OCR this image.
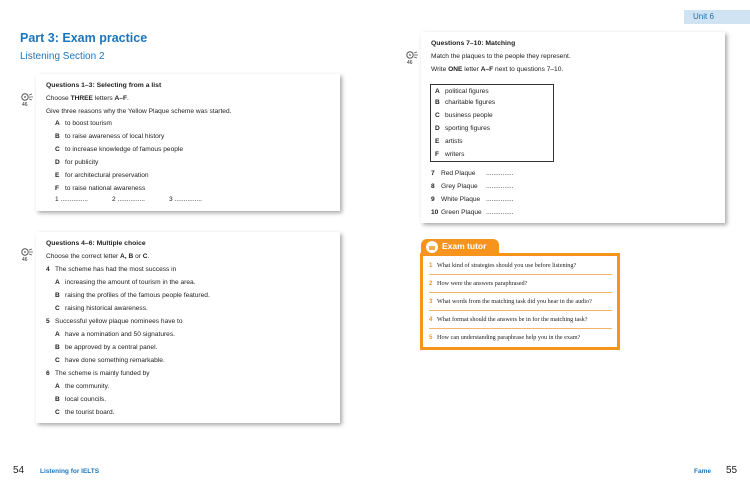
Unit 6
Part 3: Exam practice
Listening Section 2
46
46
46
Questions 1–3: Selecting from a list
Choose THREE letters A–F.
Give three reasons why the Yellow Plaque scheme was started.
A to boost tourism
B to raise awareness of local history
C to increase knowledge of famous people
D for publicity
E for architectural preservation
F to raise national awareness
1 ...............	2 ...............	3 ...............
Questions 4–6: Multiple choice
Choose the correct letter A, B or C.
4 The scheme has had the most success in
A increasing the amount of tourism in the area.
B raising the profiles of the famous people featured.
C raising historical awareness.
5 Successful yellow plaque nominees have to
A have a nomination and 50 signatures.
B be approved by a central panel.
C have done something remarkable.
6 The scheme is mainly funded by
A the community.
B local councils.
C the tourist board.
Questions 7–10: Matching
Match the plaques to the people they represent.
Write ONE letter A–F next to questions 7–10.
A political figures
B charitable figures
C business people
D sporting figures
E artists
F writers
7 Red Plaque ...............
8 Grey Plaque ...............
9 White Plaque ...............
10 Green Plaque ...............
Exam tutor
1 What kind of strategies should you use before listening?
2 How were the answers paraphrased?
3 What words from the matching task did you hear in the audio?
4 What format should the answers be in for the matching task?
5 How can understanding paraphrase help you in the exam?
54 Listening for IELTS	Fame 55
